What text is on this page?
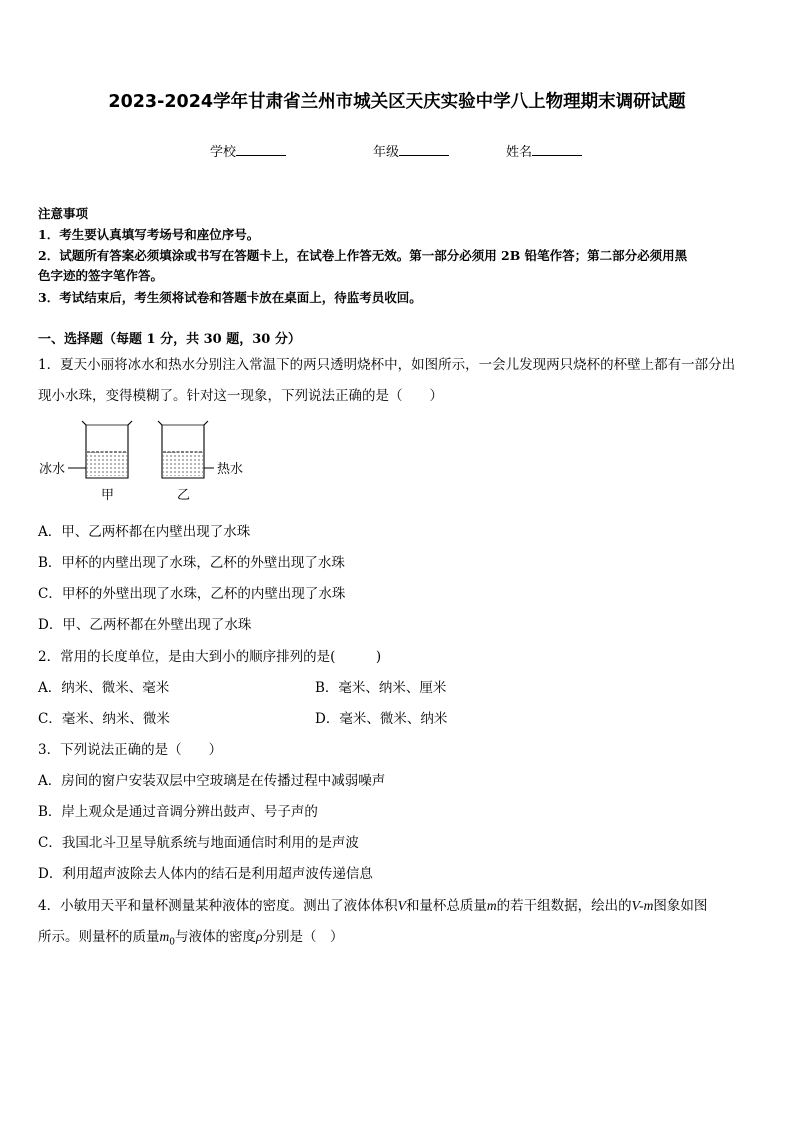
2023-2024学年甘肃省兰州市城关区天庆实验中学八上物理期末调研试题
学校	年级	姓名
注意事项
1．考生要认真填写考场号和座位序号。
2．试题所有答案必须填涂或书写在答题卡上，在试卷上作答无效。第一部分必须用 2B 铅笔作答；第二部分必须用黑
色字迹的签字笔作答。
3．考试结束后，考生须将试卷和答题卡放在桌面上，待监考员收回。
一、选择题（每题 1 分，共 30 题，30 分）
1．夏天小丽将冰水和热水分别注入常温下的两只透明烧杯中，如图所示，一会儿发现两只烧杯的杯壁上都有一部分出
现小水珠，变得模糊了。针对这一现象，下列说法正确的是（　　）
冰水	热水
甲	乙
A．甲、乙两杯都在内壁出现了水珠
B．甲杯的内壁出现了水珠，乙杯的外壁出现了水珠
C．甲杯的外壁出现了水珠，乙杯的内壁出现了水珠
D．甲、乙两杯都在外壁出现了水珠
2．常用的长度单位，是由大到小的顺序排列的是(　　　)
A．纳米、微米、毫米	B．毫米、纳米、厘米
C．毫米、纳米、微米	D．毫米、微米、纳米
3．下列说法正确的是（　　）
A．房间的窗户安装双层中空玻璃是在传播过程中减弱噪声
B．岸上观众是通过音调分辨出鼓声、号子声的
C．我国北斗卫星导航系统与地面通信时利用的是声波
D．利用超声波除去人体内的结石是利用超声波传递信息
4．小敏用天平和量杯测量某种液体的密度。测出了液体体积V和量杯总质量m的若干组数据，绘出的V-m图象如图
所示。则量杯的质量$m_0$与液体的密度ρ分别是（　）
